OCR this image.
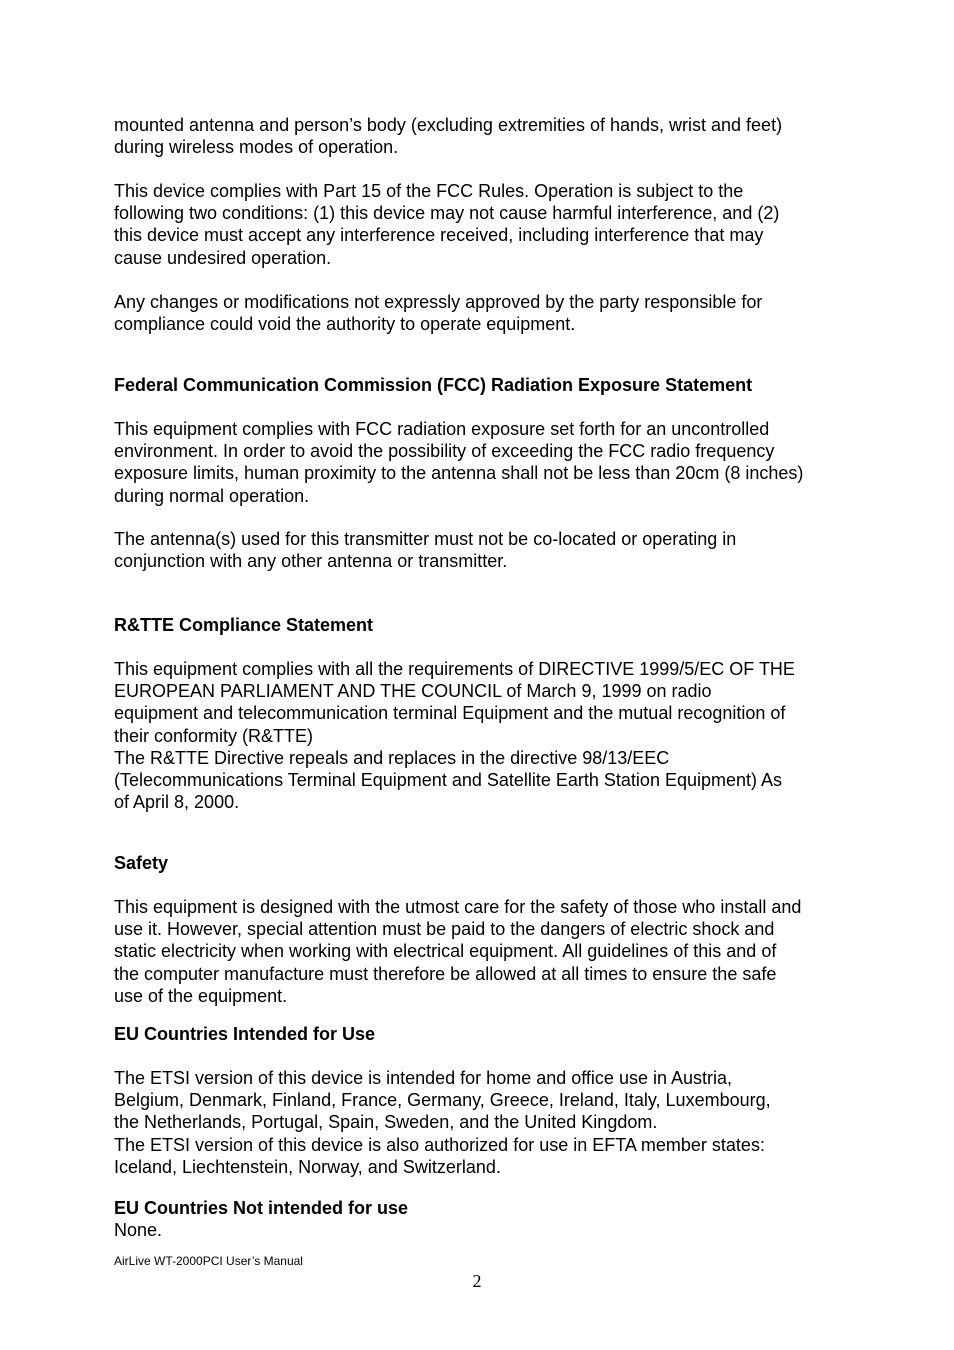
mounted antenna and person’s body (excluding extremities of hands, wrist and feet)
during wireless modes of operation.

This device complies with Part 15 of the FCC Rules. Operation is subject to the
following two conditions: (1) this device may not cause harmful interference, and (2)
this device must accept any interference received, including interference that may
cause undesired operation.

Any changes or modifications not expressly approved by the party responsible for
compliance could void the authority to operate equipment.

Federal Communication Commission (FCC) Radiation Exposure Statement

This equipment complies with FCC radiation exposure set forth for an uncontrolled
environment. In order to avoid the possibility of exceeding the FCC radio frequency
exposure limits, human proximity to the antenna shall not be less than 20cm (8 inches)
during normal operation.

The antenna(s) used for this transmitter must not be co-located or operating in
conjunction with any other antenna or transmitter.

R&TTE Compliance Statement

This equipment complies with all the requirements of DIRECTIVE 1999/5/EC OF THE
EUROPEAN PARLIAMENT AND THE COUNCIL of March 9, 1999 on radio
equipment and telecommunication terminal Equipment and the mutual recognition of
their conformity (R&TTE)
The R&TTE Directive repeals and replaces in the directive 98/13/EEC
(Telecommunications Terminal Equipment and Satellite Earth Station Equipment) As
of April 8, 2000.

Safety

This equipment is designed with the utmost care for the safety of those who install and
use it. However, special attention must be paid to the dangers of electric shock and
static electricity when working with electrical equipment. All guidelines of this and of
the computer manufacture must therefore be allowed at all times to ensure the safe
use of the equipment.

EU Countries Intended for Use

The ETSI version of this device is intended for home and office use in Austria,
Belgium, Denmark, Finland, France, Germany, Greece, Ireland, Italy, Luxembourg,
the Netherlands, Portugal, Spain, Sweden, and the United Kingdom.
The ETSI version of this device is also authorized for use in EFTA member states:
Iceland, Liechtenstein, Norway, and Switzerland.

EU Countries Not intended for use

None.

AirLive WT-2000PCI User’s Manual
2
